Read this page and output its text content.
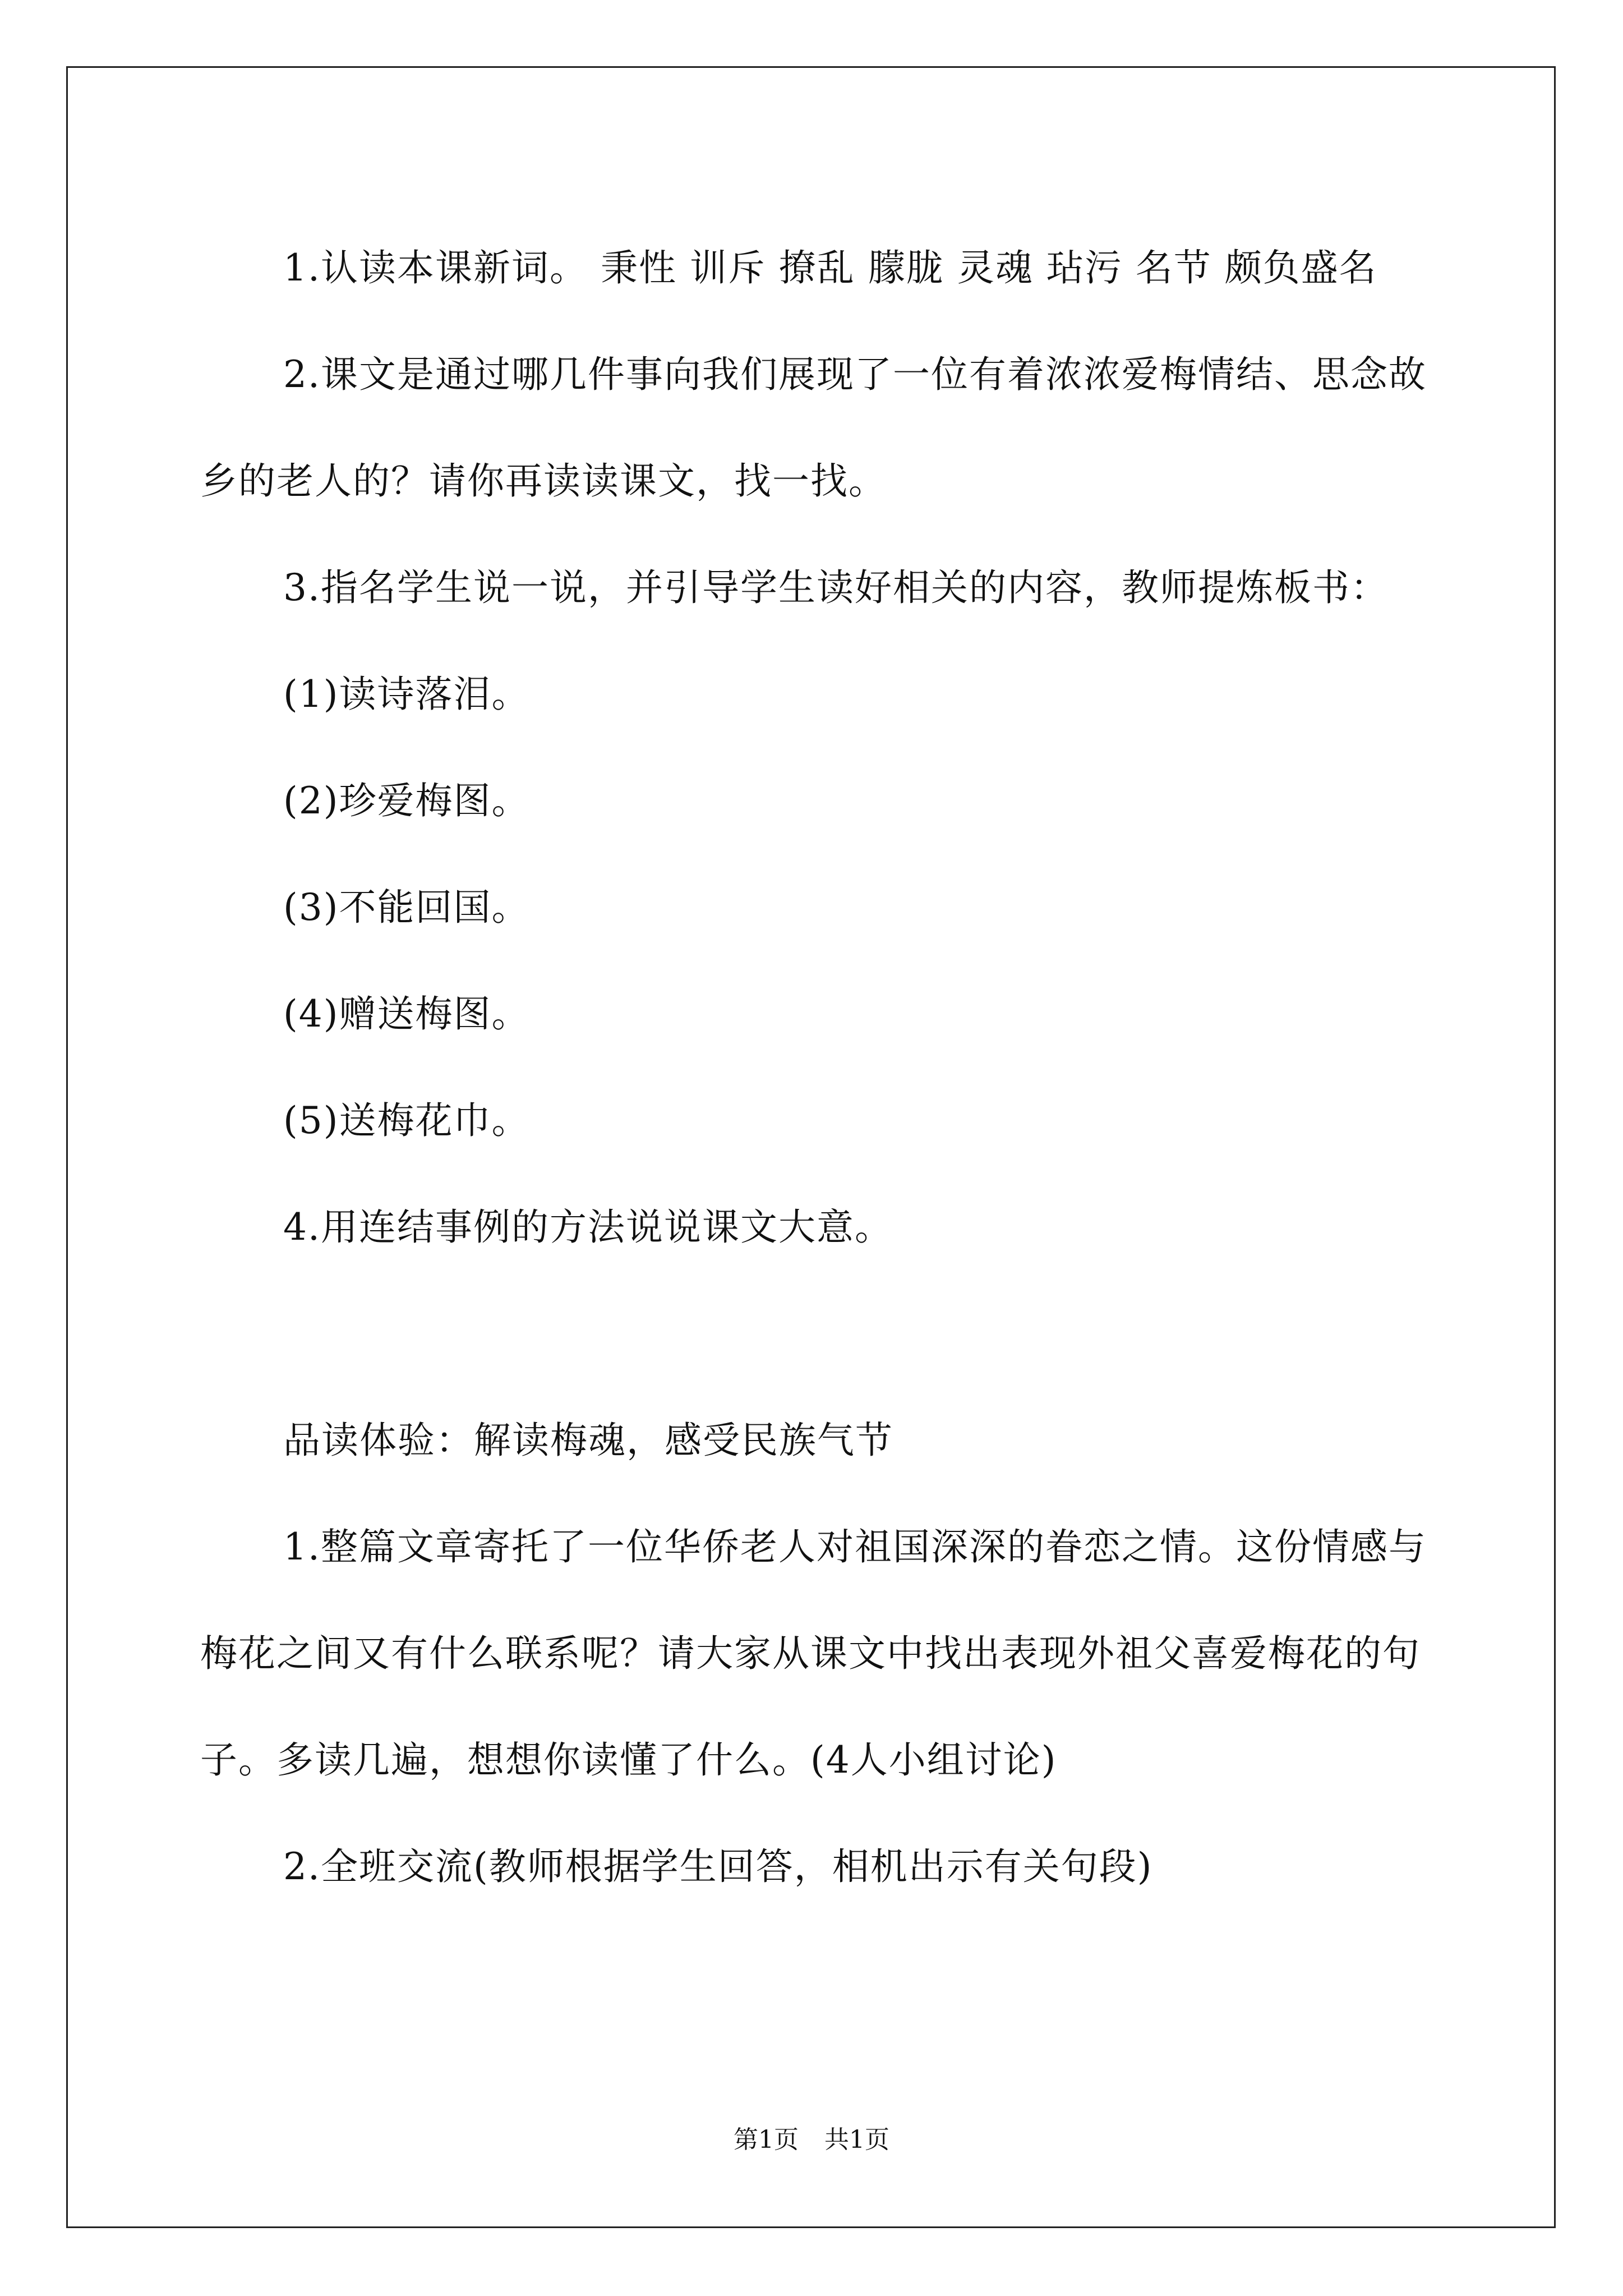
1.认读本课新词。 秉性 训斥 撩乱 朦胧 灵魂 玷污 名节 颇负盛名

2.课文是通过哪几件事向我们展现了一位有着浓浓爱梅情结、思念故乡的老人的？请你再读读课文，找一找。

3.指名学生说一说，并引导学生读好相关的内容，教师提炼板书：

(1)读诗落泪。

(2)珍爱梅图。

(3)不能回国。

(4)赠送梅图。

(5)送梅花巾。

4.用连结事例的方法说说课文大意。

品读体验：解读梅魂，感受民族气节

1.整篇文章寄托了一位华侨老人对祖国深深的眷恋之情。这份情感与梅花之间又有什么联系呢？请大家从课文中找出表现外祖父喜爱梅花的句子。多读几遍，想想你读懂了什么。(4人小组讨论)

2.全班交流(教师根据学生回答，相机出示有关句段)

第1页 共1页
